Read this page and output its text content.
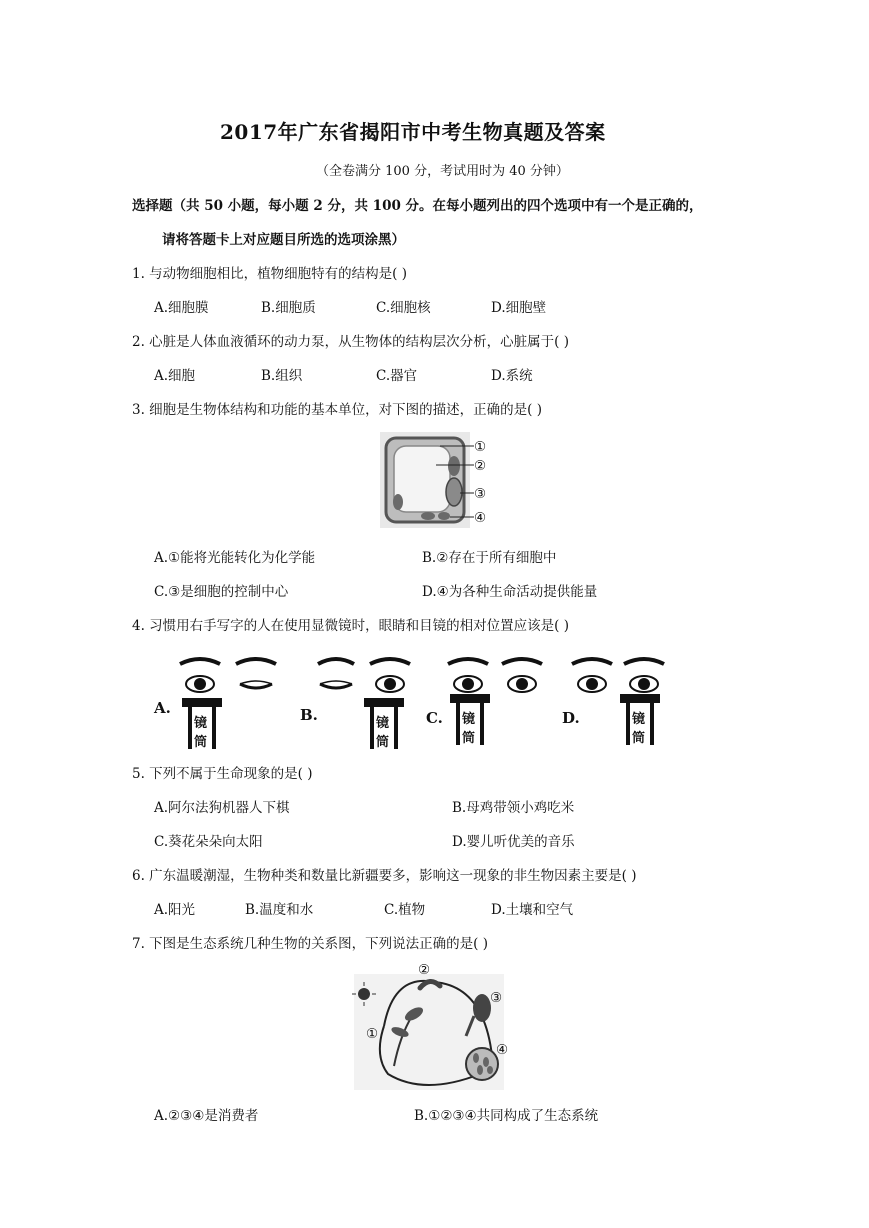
2017年广东省揭阳市中考生物真题及答案
（全卷满分 100 分，考试用时为 40 分钟）
选择题（共 50 小题，每小题 2 分，共 100 分。在每小题列出的四个选项中有一个是正确的，
请将答题卡上对应题目所选的选项涂黑）
1. 与动物细胞相比，植物细胞特有的结构是( )
A.细胞膜	B.细胞质	C.细胞核	D.细胞壁
2. 心脏是人体血液循环的动力泵，从生物体的结构层次分析，心脏属于( )
A.细胞	B.组织	C.器官	D.系统
3. 细胞是生物体结构和功能的基本单位，对下图的描述，正确的是( )
①
②
③
④
A.①能将光能转化为化学能	B.②存在于所有细胞中
C.③是细胞的控制中心	D.④为各种生命活动提供能量
4. 习惯用右手写字的人在使用显微镜时，眼睛和目镜的相对位置应该是( )
镜
筒
A.
镜
筒
B.	镜
筒
C.	镜
筒
D.
5. 下列不属于生命现象的是( )
A.阿尔法狗机器人下棋	B.母鸡带领小鸡吃米
C.葵花朵朵向太阳	D.婴儿听优美的音乐
6. 广东温暖潮湿，生物种类和数量比新疆要多，影响这一现象的非生物因素主要是( )
A.阳光	B.温度和水	C.植物	D.土壤和空气
7. 下图是生态系统几种生物的关系图，下列说法正确的是( )
②
③
①
④
A.②③④是消费者	B.①②③④共同构成了生态系统
